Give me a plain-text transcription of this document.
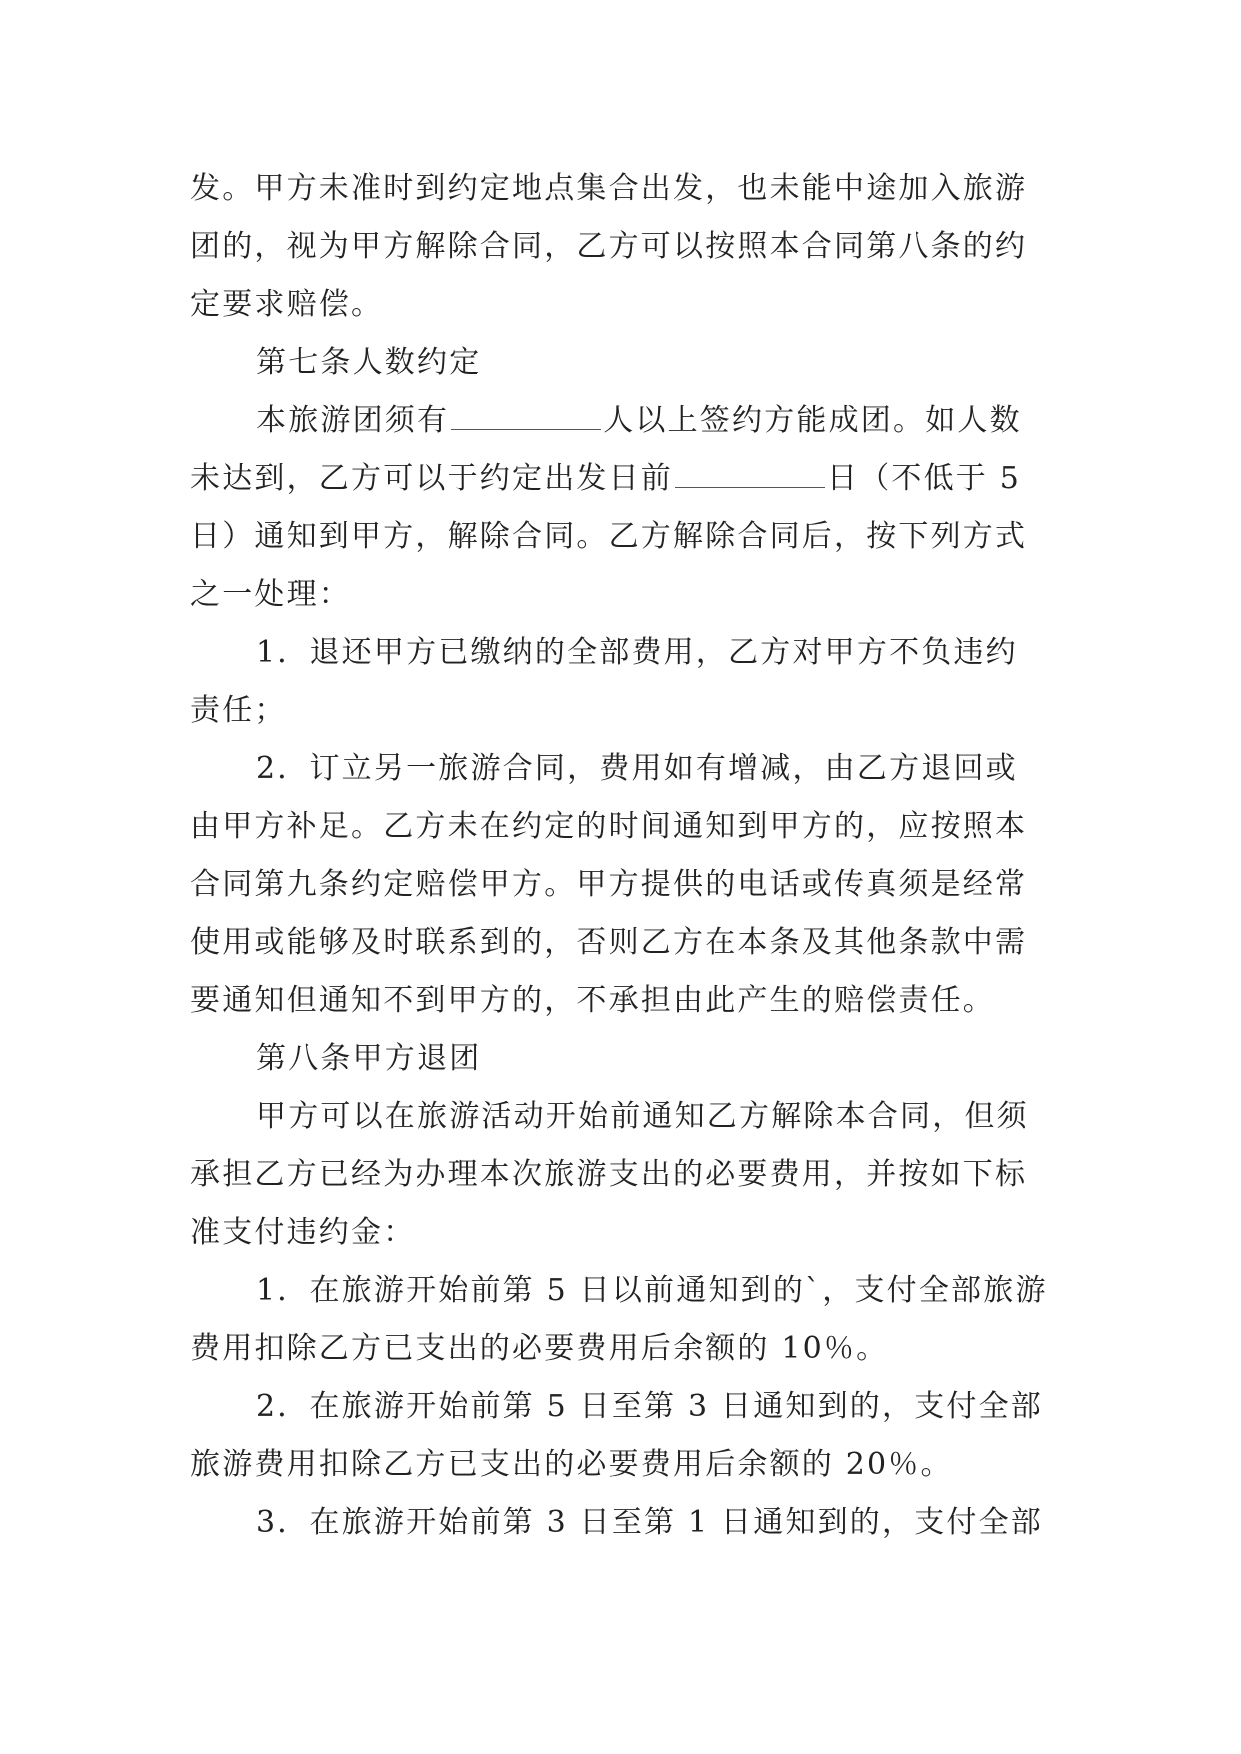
发。甲方未准时到约定地点集合出发，也未能中途加入旅游
团的，视为甲方解除合同，乙方可以按照本合同第八条的约
定要求赔偿。
第七条人数约定
本旅游团须有	人以上签约方能成团。如人数
未达到，乙方可以于约定出发日前	日（不低于 5
日）通知到甲方，解除合同。乙方解除合同后，按下列方式
之一处理：
1．退还甲方已缴纳的全部费用，乙方对甲方不负违约
责任；
2．订立另一旅游合同，费用如有增减，由乙方退回或
由甲方补足。乙方未在约定的时间通知到甲方的，应按照本
合同第九条约定赔偿甲方。甲方提供的电话或传真须是经常
使用或能够及时联系到的，否则乙方在本条及其他条款中需
要通知但通知不到甲方的，不承担由此产生的赔偿责任。
第八条甲方退团
甲方可以在旅游活动开始前通知乙方解除本合同，但须
承担乙方已经为办理本次旅游支出的必要费用，并按如下标
准支付违约金：
1．在旅游开始前第 5 日以前通知到的`，支付全部旅游
费用扣除乙方已支出的必要费用后余额的 10％。
2．在旅游开始前第 5 日至第 3 日通知到的，支付全部
旅游费用扣除乙方已支出的必要费用后余额的 20％。
3．在旅游开始前第 3 日至第 1 日通知到的，支付全部
